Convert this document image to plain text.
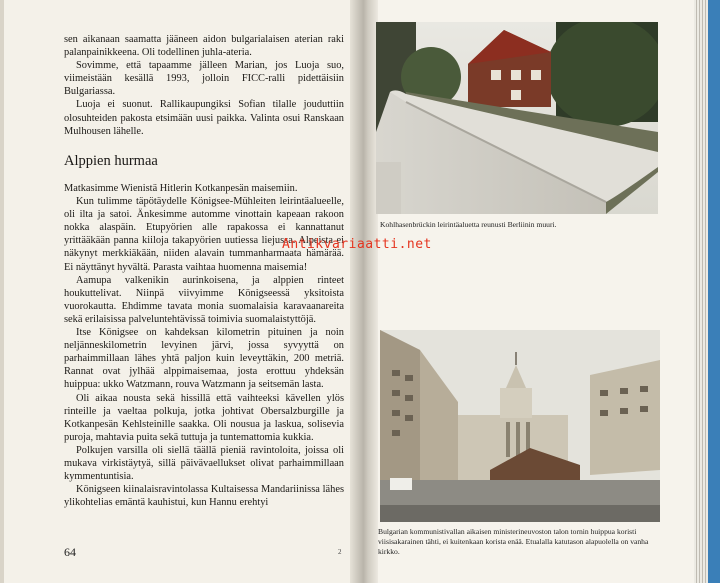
sen aikanaan saamatta jääneen aidon bulgarialaisen aterian raki palanpainikkeena. Oli todellinen juhla-ateria.

Sovimme, että tapaamme jälleen Marian, jos Luoja suo, viimeistään kesällä 1993, jolloin FICC-ralli pidettäisiin Bulgariassa.

Luoja ei suonut. Rallikaupungiksi Sofian tilalle jouduttiin olosuhteiden pakosta etsimään uusi paikka. Valinta osui Ranskaan Mulhousen lähelle.

Alppien hurmaa

Matkasimme Wienistä Hitlerin Kotkanpesän maisemiin.

Kun tulimme täpötäydelle Königsee-Mühleiten leirintäalueelle, oli ilta ja satoi. Änkesimme automme vinottain kapeaan rakoon nokka alaspäin. Etupyörien alle rapakossa ei kannattanut yrittääkään panna kiiloja takapyörien uutiessa liejussa. Alpeista ei näkynyt merkkiäkään, niiden alavain tummanharmaata hämärää. Ei näyttänyt hyvältä. Parasta vaihtaa huomenna maisemia!

Aamupa valkenikin aurinkoisena, ja alppien rinteet houkuttelivat. Niinpä viivyimme Königseessä yksitoista vuorokautta. Ehdimme tavata monia suomalaisia karavaanareita sekä erilaisissa palveluntehtävissä toimivia suomalaistyttöjä.

Itse Königsee on kahdeksan kilometrin pituinen ja noin neljänneskilometrin levyinen järvi, jossa syvyyttä on parhaimmillaan lähes yhtä paljon kuin leveyttäkin, 200 metriä. Rannat ovat jylhää alppimaisemaa, josta erottuu yhdeksän huippua: ukko Watzmann, rouva Watzmann ja seitsemän lasta.

Oli aikaa nousta sekä hissillä että vaihteeksi kävellen ylös rinteille ja vaeltaa polkuja, jotka johtivat Obersalzburgille ja Kotkanpesän Kehlsteinille saakka. Oli nousua ja laskua, solisevia puroja, mahtavia puita sekä tuttuja ja tuntemattomia kukkia.

Polkujen varsilla oli siellä täällä pieniä ravintoloita, joissa oli mukava virkistäytyä, sillä päivävaellukset olivat parhaimmillaan kymmentuntisia.

Königseen kiinalaisravintolassa Kultaisessa Mandariinissa lähes ylikohtelias emäntä kauhistui, kun Hannu erehtyi

64	2

Kohlhasenbrückin leirintäaluetta reunusti Berliinin muuri.

Bulgarian kommunistivallan aikaisen ministerineuvoston talon tornin huippua koristi viisisakarainen tähti, ei kuitenkaan korista enää. Etualalla katutason alapuolella on vanha kirkko.

Antikvariaatti.net
